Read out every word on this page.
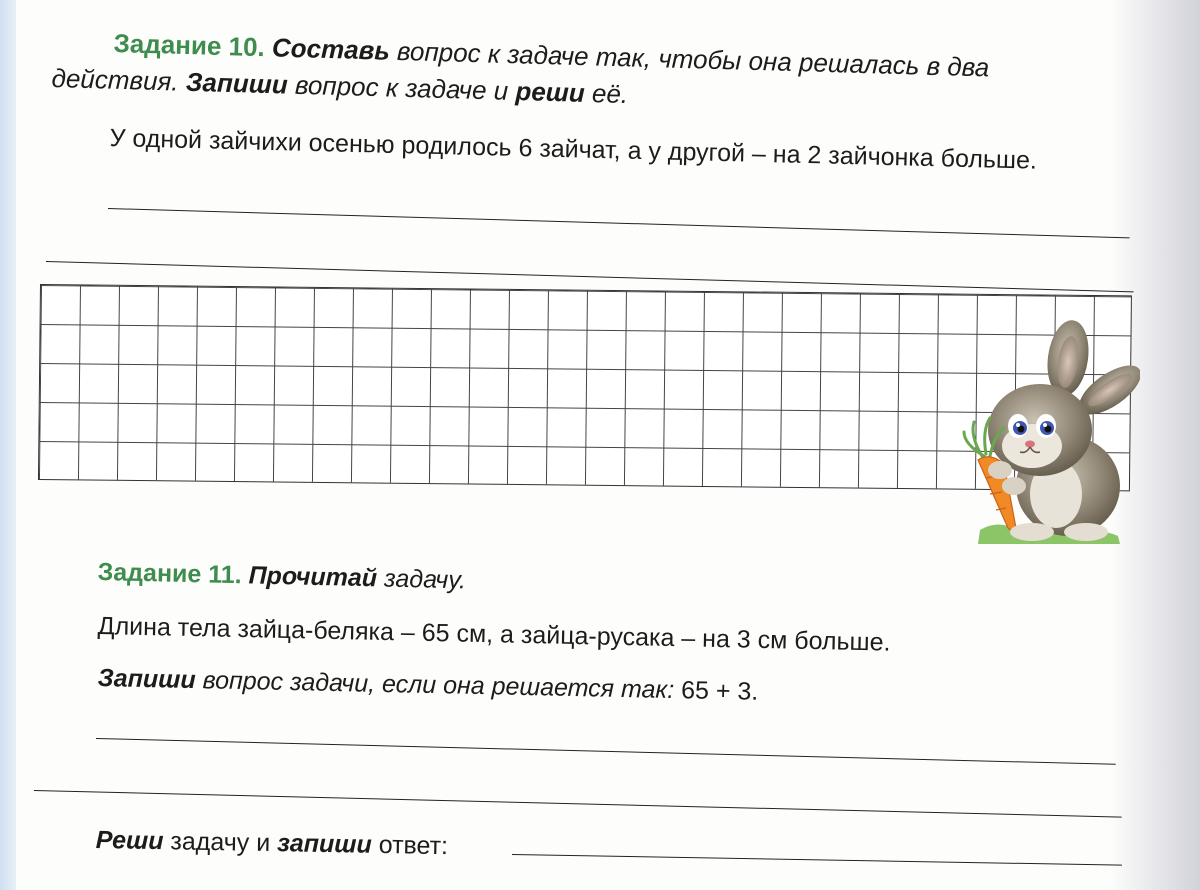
Задание 10. Составь вопрос к задаче так, чтобы она решалась в два
действия. Запиши вопрос к задаче и реши её.
У одной зайчихи осенью родилось 6 зайчат, а у другой – на 2 зайчонка больше.
Задание 11. Прочитай задачу.
Длина тела зайца-беляка – 65 см, а зайца-русака – на 3 см больше.
Запиши вопрос задачи, если она решается так: 65 + 3.
Реши задачу и запиши ответ:
